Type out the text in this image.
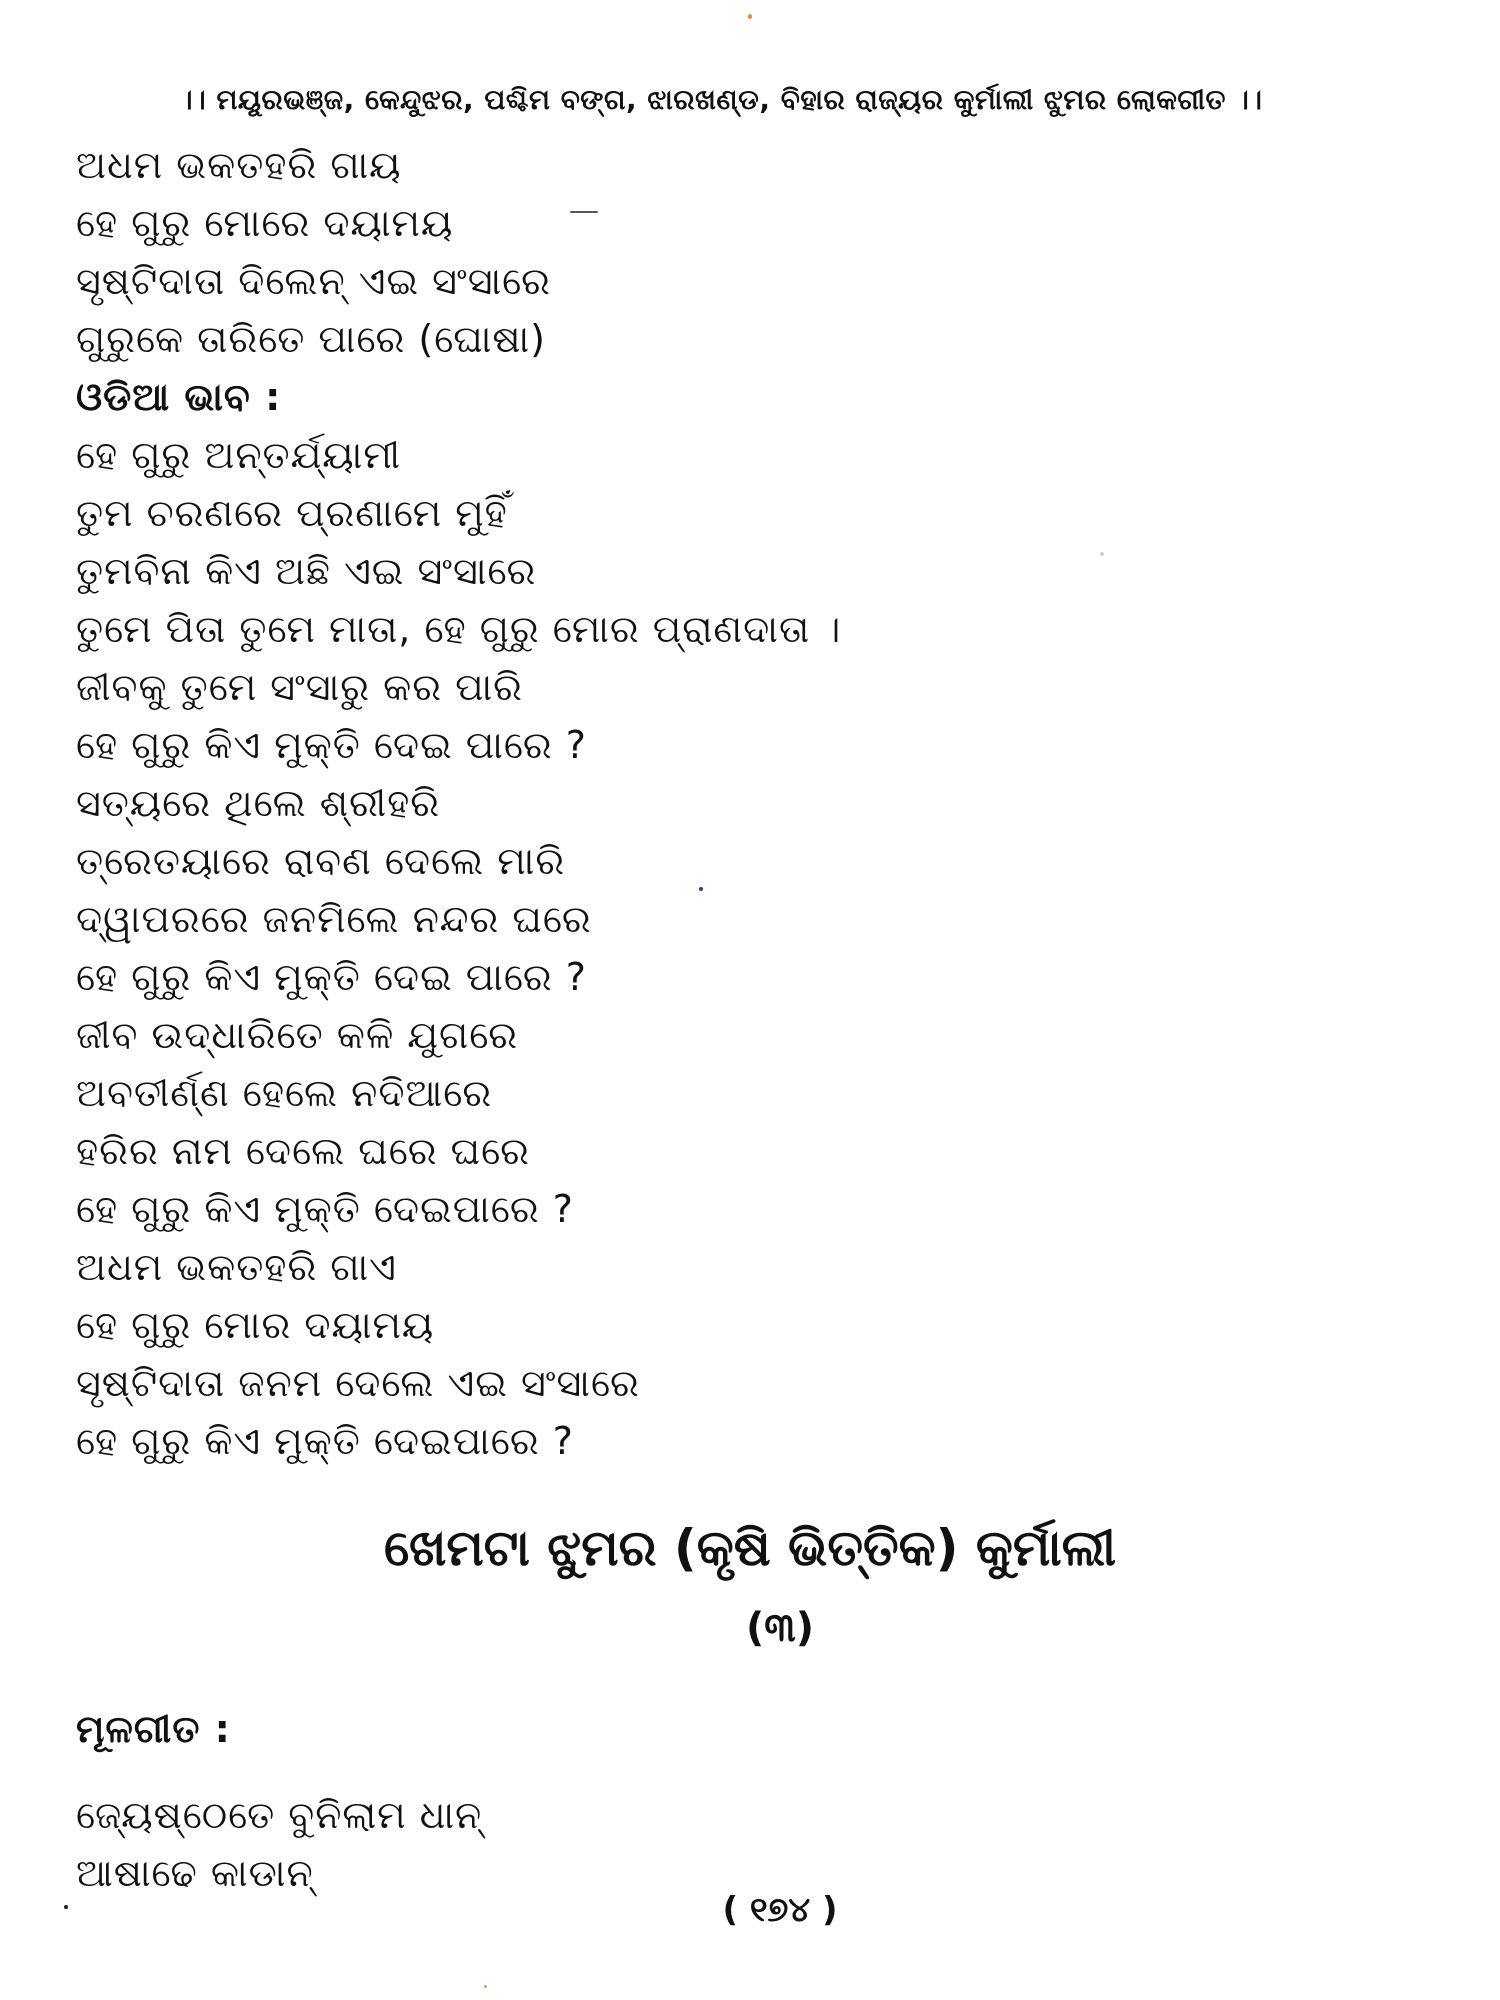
।। ମୟୂରଭଞ୍ଜ, କେନ୍ଦୁଝର, ପଶ୍ଚିମ ବଙ୍ଗ, ଝାରଖଣ୍ଡ, ବିହାର ରାଜ୍ୟର କୁର୍ମାଲୀ ଝୁମର ଲୋକଗୀତ ।।
ଅଧମ ଭକତହରି ଗାୟ
ହେ ଗୁରୁ ମୋରେ ଦୟାମୟ
ସୃଷ୍ଟିଦାତା ଦିଲେନ୍ ଏଇ ସଂସାରେ
ଗୁରୁକେ ତାରିତେ ପାରେ (ଘୋଷା)
ଓଡିଆ ଭାବ :
ହେ ଗୁରୁ ଅନ୍ତର୍ଯ୍ୟାମୀ
ତୁମ ଚରଣରେ ପ୍ରଣାମେ ମୁହିଁ
ତୁମବିନା କିଏ ଅଛି ଏଇ ସଂସାରେ
ତୁମେ ପିତା ତୁମେ ମାତା, ହେ ଗୁରୁ ମୋର ପ୍ରାଣଦାତା ।
ଜୀବକୁ ତୁମେ ସଂସାରୁ କର ପାରି
ହେ ଗୁରୁ କିଏ ମୁକ୍ତି ଦେଇ ପାରେ ?
ସତ୍ୟରେ ଥିଲେ ଶ୍ରୀହରି
ତ୍ରେତୟାରେ ରାବଣ ଦେଲେ ମାରି
ଦ୍ୱାପରରେ ଜନମିଲେ ନନ୍ଦର ଘରେ
ହେ ଗୁରୁ କିଏ ମୁକ୍ତି ଦେଇ ପାରେ ?
ଜୀବ ଉଦ୍ଧାରିତେ କଳି ଯୁଗରେ
ଅବତୀର୍ଣ୍ଣ ହେଲେ ନଦିଆରେ
ହରିର ନାମ ଦେଲେ ଘରେ ଘରେ
ହେ ଗୁରୁ କିଏ ମୁକ୍ତି ଦେଇପାରେ ?
ଅଧମ ଭକତହରି ଗାଏ
ହେ ଗୁରୁ ମୋର ଦୟାମୟ
ସୃଷ୍ଟିଦାତା ଜନମ ଦେଲେ ଏଇ ସଂସାରେ
ହେ ଗୁରୁ କିଏ ମୁକ୍ତି ଦେଇପାରେ ?
ଖେମଟା ଝୁମର (କୃଷି ଭିତ୍ତିକ) କୁର୍ମାଲୀ
(୩)
ମୂଳଗୀତ :
ଜ୍ୟେଷ୍ଠେତେ ବୁନିଲାମ ଧାନ୍
ଆଷାଢେ କାଡାନ୍
( ୧୭୪ )
